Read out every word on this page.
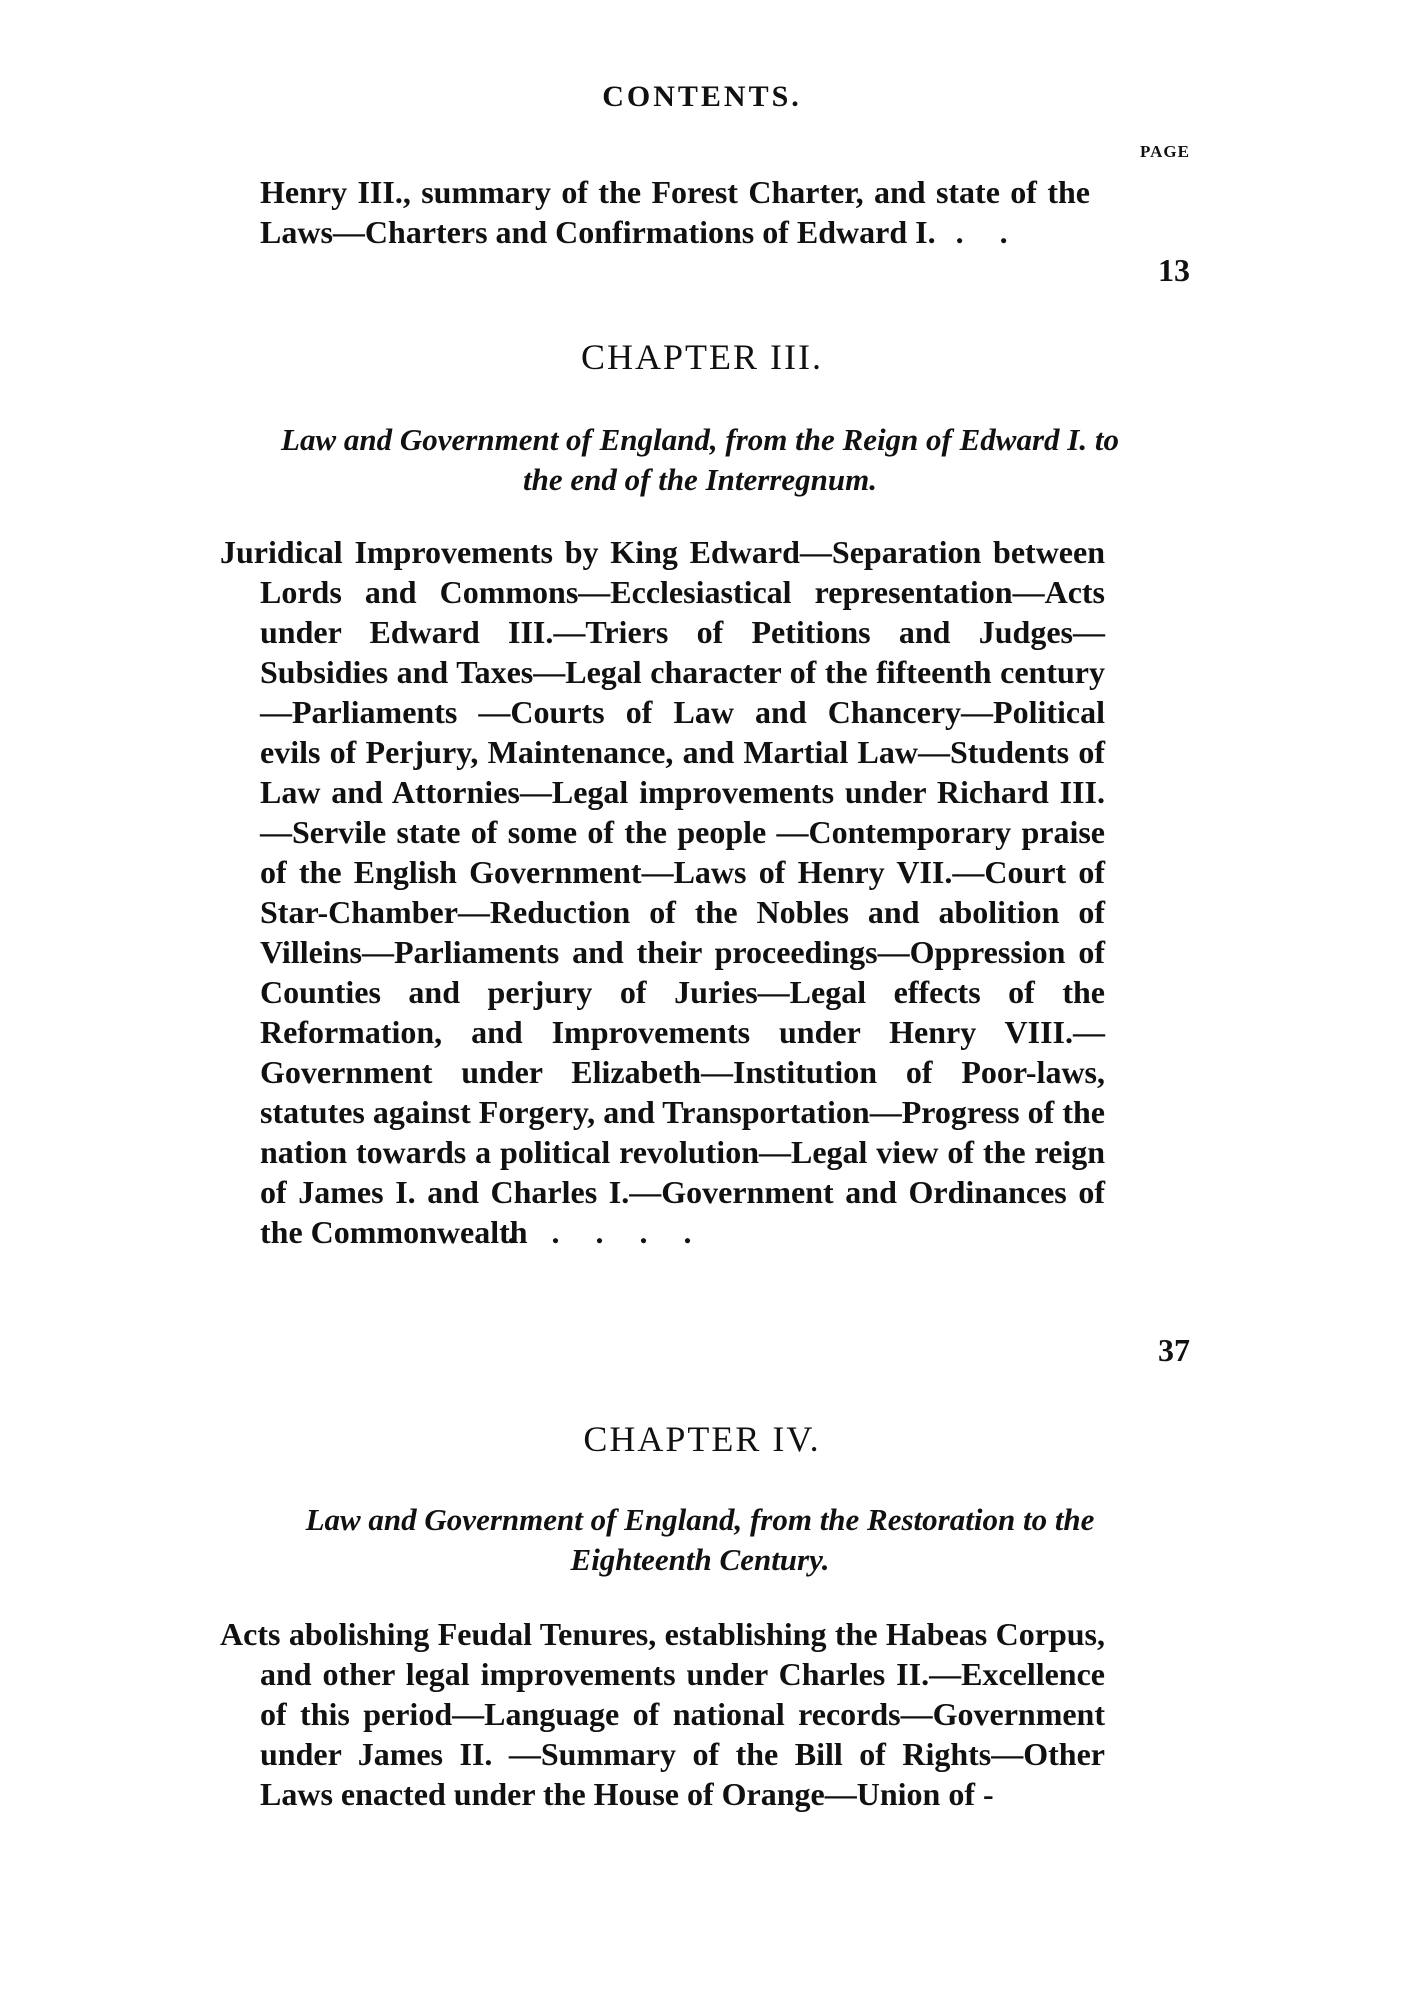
CONTENTS.
PAGE
Henry III., summary of the Forest Charter, and state of the Laws—Charters and Confirmations of Edward I. . .
13
CHAPTER III.
Law and Government of England, from the Reign of Edward I. to the end of the Interregnum.
Juridical Improvements by King Edward—Separation between Lords and Commons—Ecclesiastical representation—Acts under Edward III.—Triers of Petitions and Judges—Subsidies and Taxes—Legal character of the fifteenth century—Parliaments —Courts of Law and Chancery—Political evils of Perjury, Maintenance, and Martial Law—Students of Law and Attornies—Legal improvements under Richard III.—Servile state of some of the people —Contemporary praise of the English Government—Laws of Henry VII.—Court of Star-Chamber—Reduction of the Nobles and abolition of Villeins—Parliaments and their proceedings—Oppression of Counties and perjury of Juries—Legal effects of the Reformation, and Improvements under Henry VIII.—Government under Elizabeth—Institution of Poor-laws, statutes against Forgery, and Transportation—Progress of the nation towards a political revolution—Legal view of the reign of James I. and Charles I.—Government and Ordinances of the Commonwealth. . . . .
37
CHAPTER IV.
Law and Government of England, from the Restoration to the Eighteenth Century.
Acts abolishing Feudal Tenures, establishing the Habeas Corpus, and other legal improvements under Charles II.—Excellence of this period—Language of national records—Government under James II. —Summary of the Bill of Rights—Other Laws enacted under the House of Orange—Union of -
